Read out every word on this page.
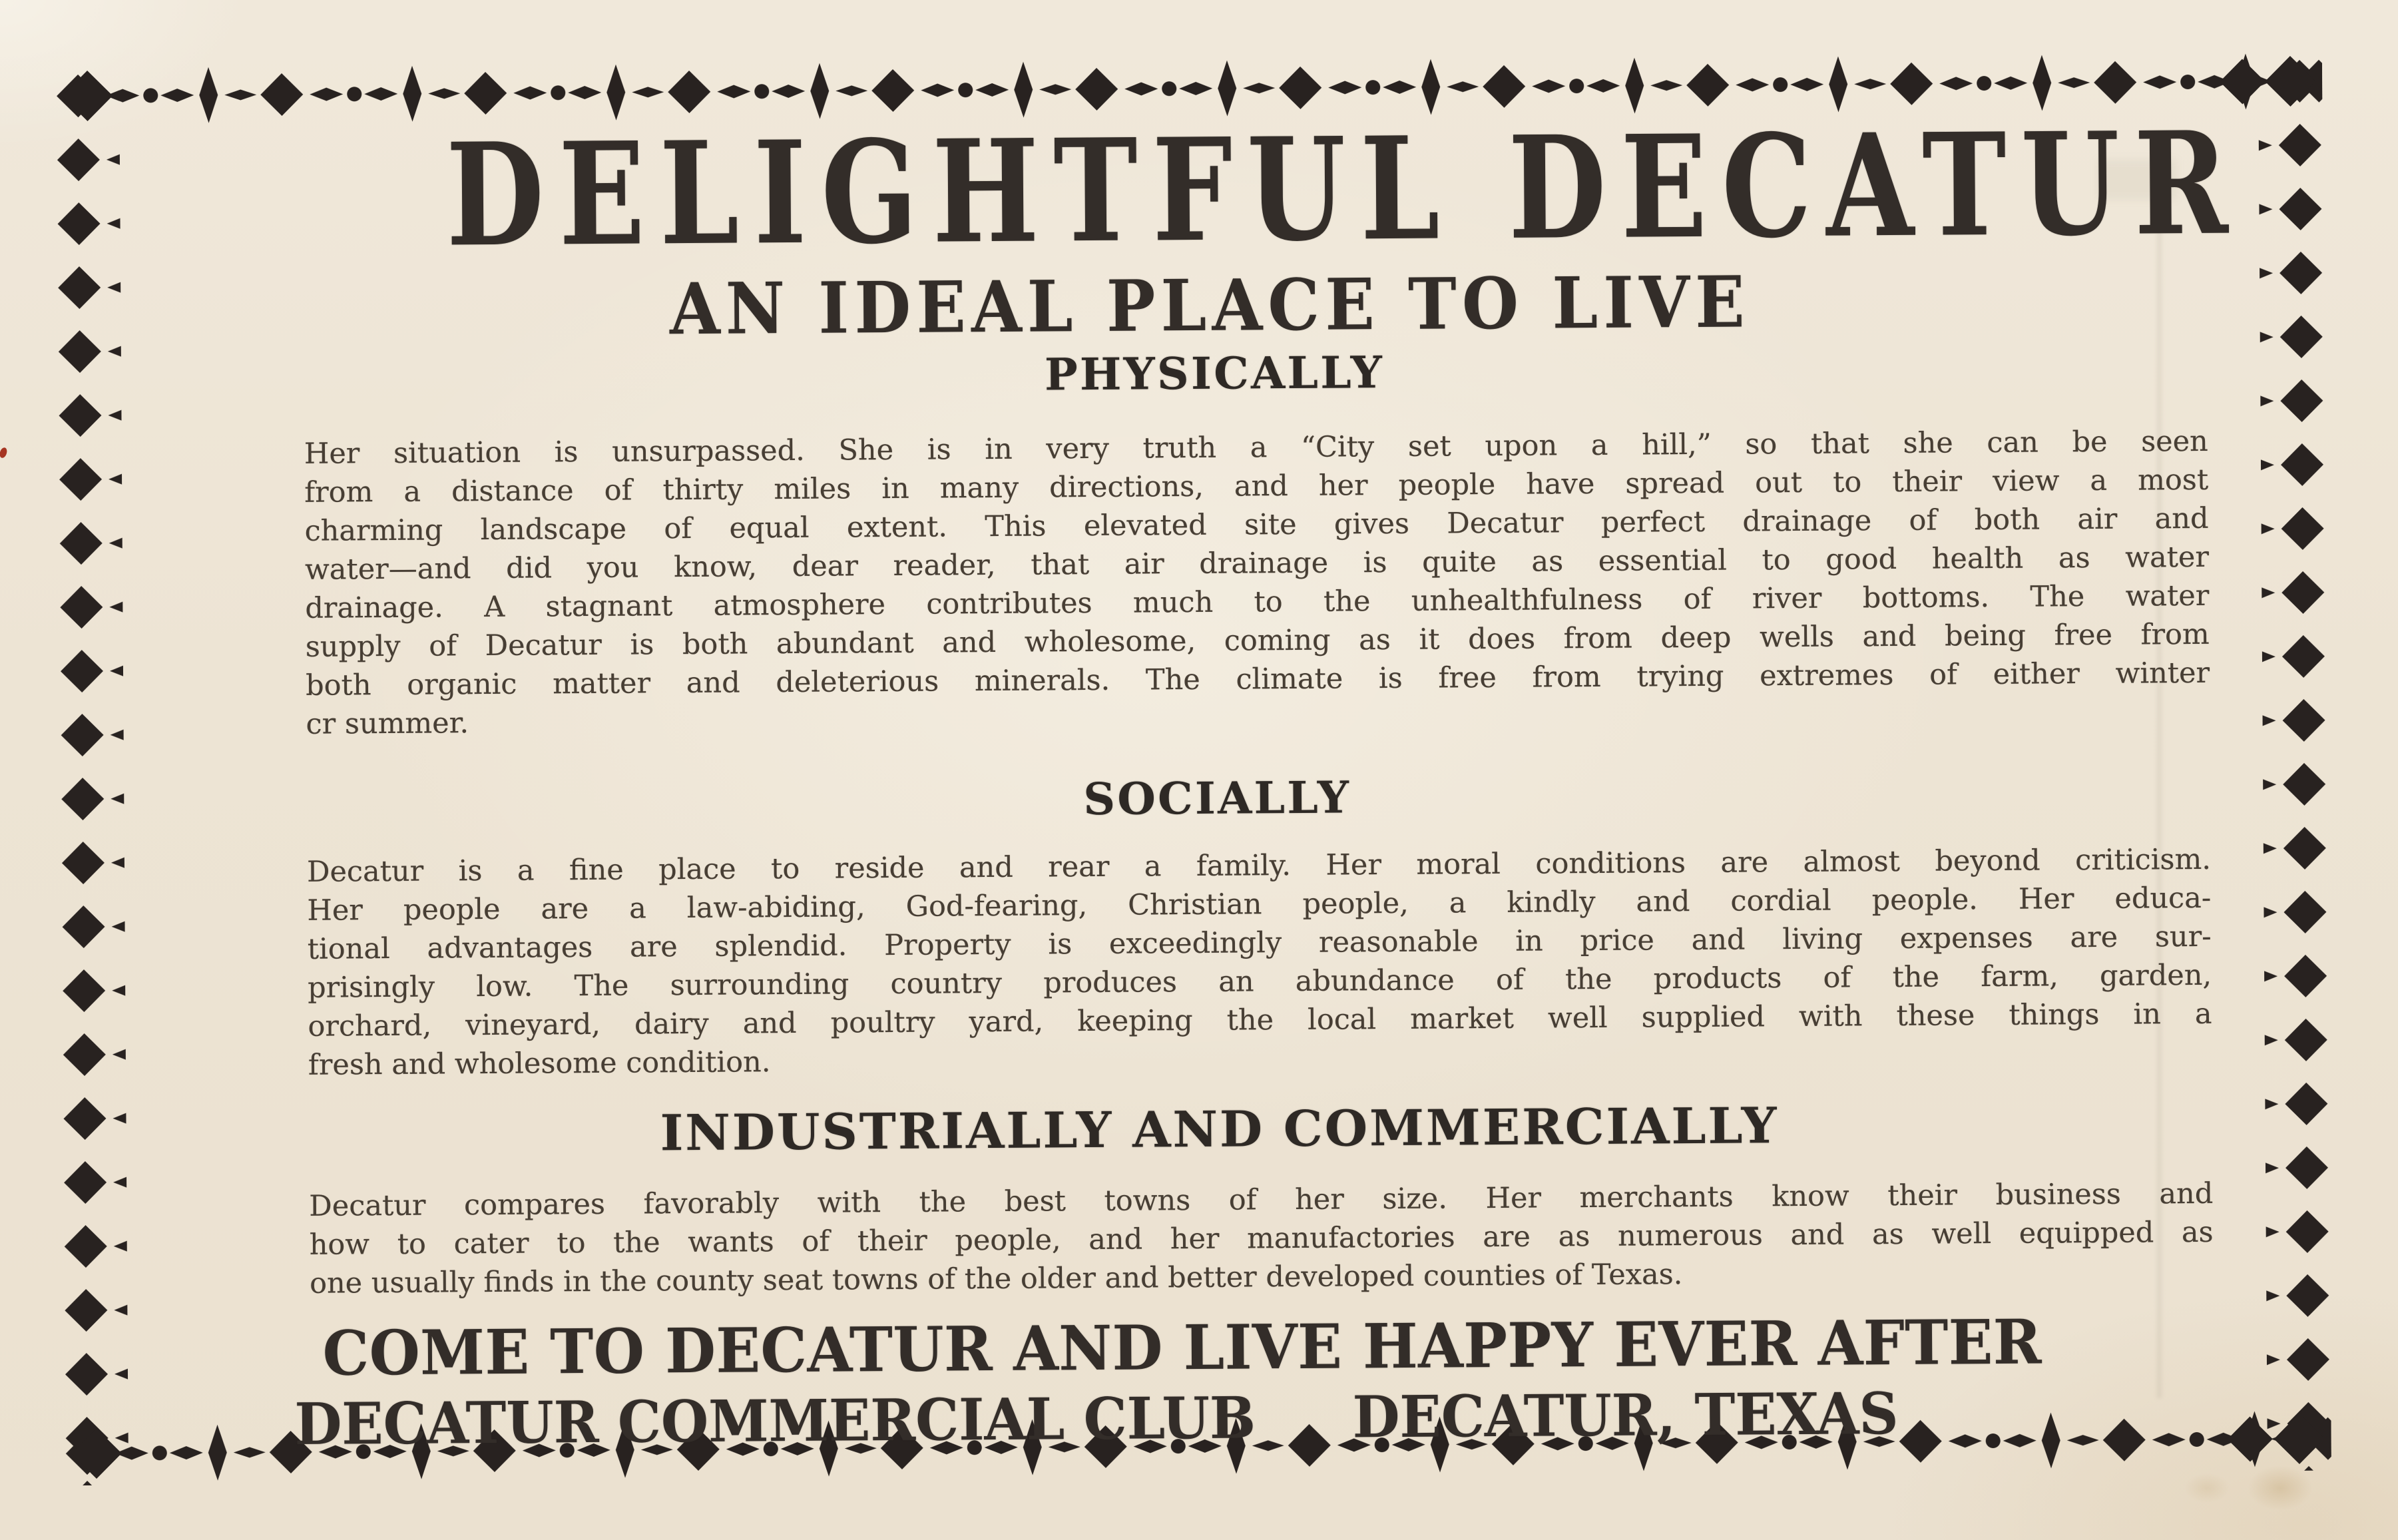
DELIGHTFUL DECATUR
AN IDEAL PLACE TO LIVE
PHYSICALLY
Her situation is unsurpassed. She is in very truth a “City set upon a hill,” so that she can be seen
from a distance of thirty miles in many directions, and her people have spread out to their view a most
charming landscape of equal extent. This elevated site gives Decatur perfect drainage of both air and
water—and did you know, dear reader, that air drainage is quite as essential to good health as water
drainage. A stagnant atmosphere contributes much to the unhealthfulness of river bottoms. The water
supply of Decatur is both abundant and wholesome, coming as it does from deep wells and being free from
both organic matter and deleterious minerals. The climate is free from trying extremes of either winter
cr summer.
SOCIALLY
Decatur is a fine place to reside and rear a family. Her moral conditions are almost beyond criticism.
Her people are a law-abiding, God-fearing, Christian people, a kindly and cordial people. Her educa-
tional advantages are splendid. Property is exceedingly reasonable in price and living expenses are sur-
prisingly low. The surrounding country produces an abundance of the products of the farm, garden,
orchard, vineyard, dairy and poultry yard, keeping the local market well supplied with these things in a
fresh and wholesome condition.
INDUSTRIALLY AND COMMERCIALLY
Decatur compares favorably with the best towns of her size. Her merchants know their business and
how to cater to the wants of their people, and her manufactories are as numerous and as well equipped as
one usually finds in the county seat towns of the older and better developed counties of Texas.
COME TO DECATUR AND LIVE HAPPY EVER AFTER
DECATUR COMMERCIAL CLUB DECATUR, TEXAS
